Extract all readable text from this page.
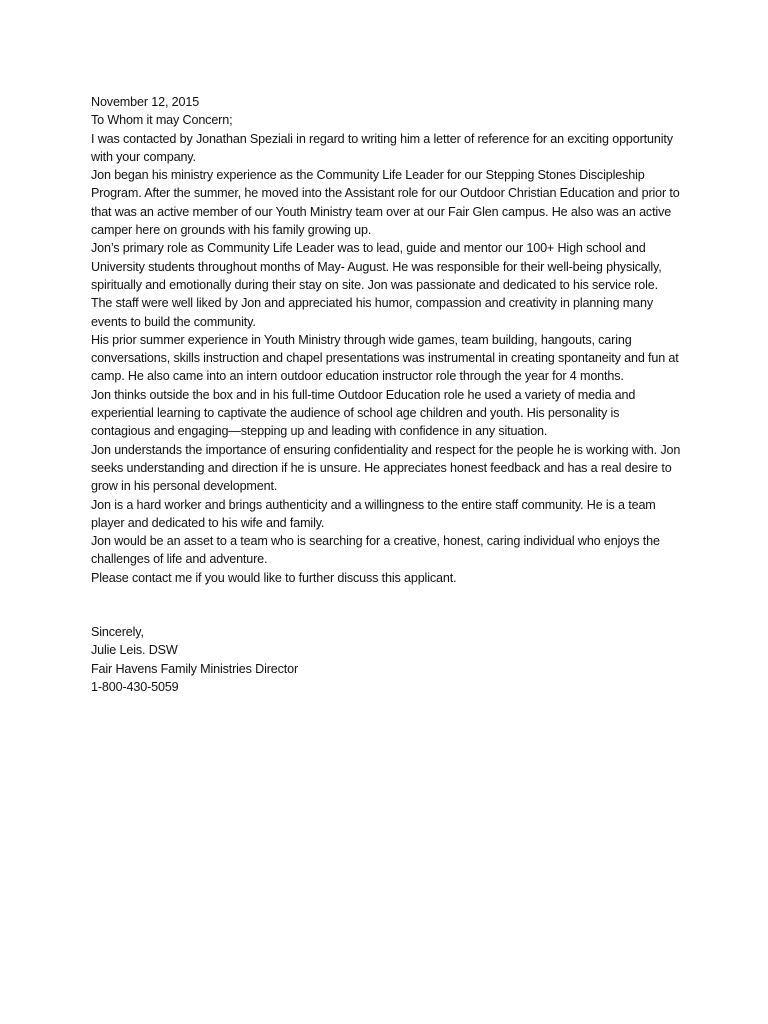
November 12, 2015

To Whom it may Concern;

I was contacted by Jonathan Speziali in regard to writing him a letter of reference for an exciting opportunity with your company.

Jon began his ministry experience as the Community Life Leader for our Stepping Stones Discipleship Program. After the summer, he moved into the Assistant role for our Outdoor Christian Education and prior to that was an active member of our Youth Ministry team over at our Fair Glen campus. He also was an active camper here on grounds with his family growing up.

Jon’s primary role as Community Life Leader was to lead, guide and mentor our 100+ High school and University students throughout months of May- August. He was responsible for their well-being physically, spiritually and emotionally during their stay on site. Jon was passionate and dedicated to his service role. The staff were well liked by Jon and appreciated his humor, compassion and creativity in planning many events to build the community.

His prior summer experience in Youth Ministry through wide games, team building, hangouts, caring conversations, skills instruction and chapel presentations was instrumental in creating spontaneity and fun at camp. He also came into an intern outdoor education instructor role through the year for 4 months.

Jon thinks outside the box and in his full-time Outdoor Education role he used a variety of media and experiential learning to captivate the audience of school age children and youth. His personality is contagious and engaging—stepping up and leading with confidence in any situation.

Jon understands the importance of ensuring confidentiality and respect for the people he is working with. Jon seeks understanding and direction if he is unsure. He appreciates honest feedback and has a real desire to grow in his personal development.

Jon is a hard worker and brings authenticity and a willingness to the entire staff community. He is a team player and dedicated to his wife and family.

Jon would be an asset to a team who is searching for a creative, honest, caring individual who enjoys the challenges of life and adventure.

Please contact me if you would like to further discuss this applicant.

Sincerely,

Julie Leis. DSW

Fair Havens Family Ministries Director

1-800-430-5059
